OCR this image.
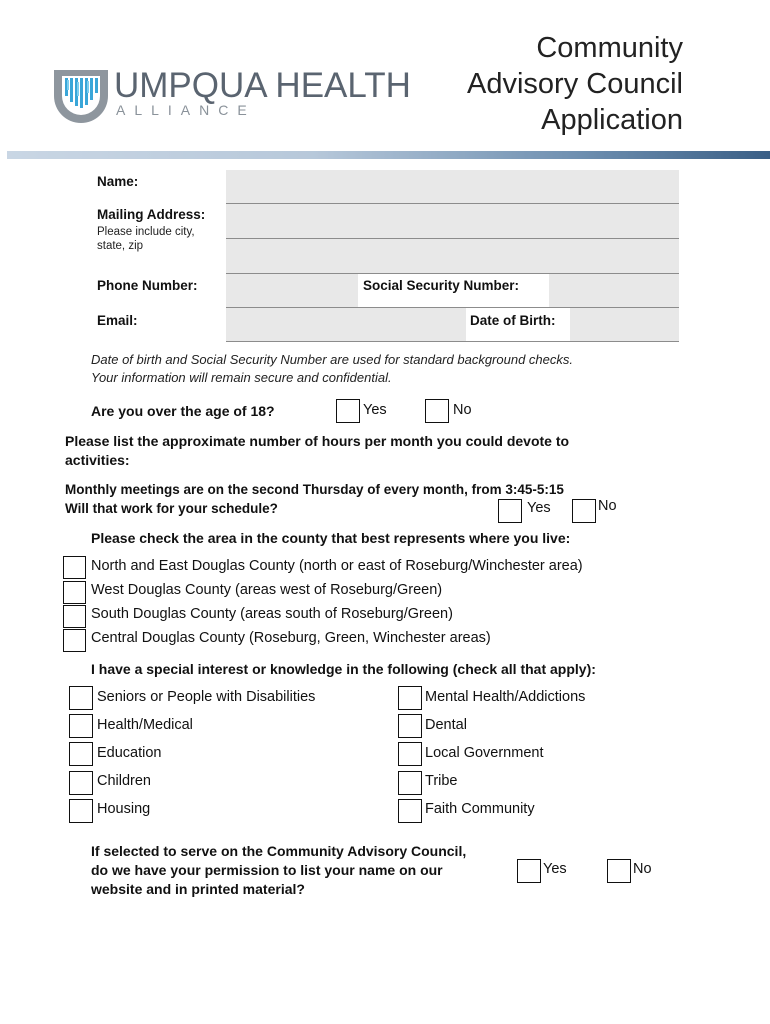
Community
Advisory Council
Application
UMPQUA HEALTH
ALLIANCE
Name:
Mailing Address:
Please include city, state, zip
Phone Number:	Social Security Number:
Email:	Date of Birth:
Date of birth and Social Security Number are used for standard background checks.
Your information will remain secure and confidential.
Are you over the age of 18?	Yes	No
Please list the approximate number of hours per month you could devote to activities:
Monthly meetings are on the second Thursday of every month, from 3:45-5:15
Will that work for your schedule?	Yes	No
Please check the area in the county that best represents where you live:
North and East Douglas County (north or east of Roseburg/Winchester area)
West Douglas County (areas west of Roseburg/Green)
South Douglas County (areas south of Roseburg/Green)
Central Douglas County (Roseburg, Green, Winchester areas)
I have a special interest or knowledge in the following (check all that apply):
Seniors or People with Disabilities
Health/Medical
Education
Children
Housing
Mental Health/Addictions
Dental
Local Government
Tribe
Faith Community
If selected to serve on the Community Advisory Council,
do we have your permission to list your name on our
website and in printed material?
Yes	No
